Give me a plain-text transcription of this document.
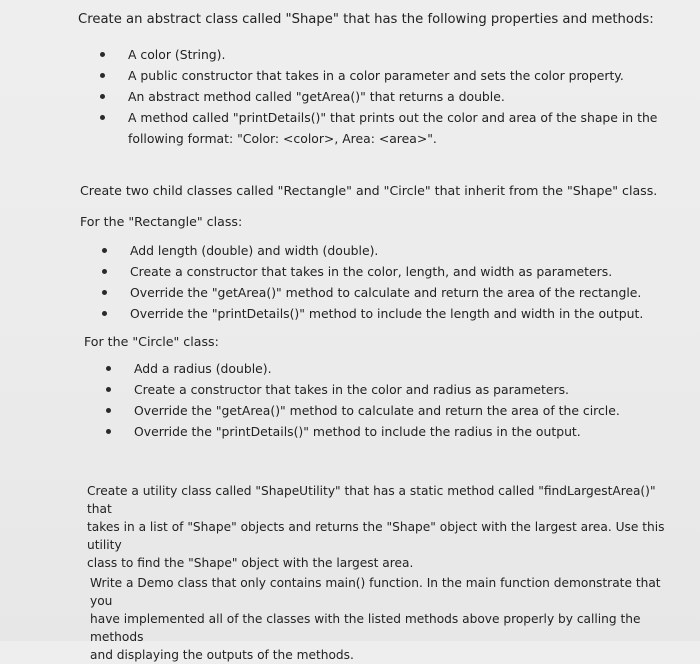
Create an abstract class called "Shape" that has the following properties and methods:

A color (String).
A public constructor that takes in a color parameter and sets the color property.
An abstract method called "getArea()" that returns a double.
A method called "printDetails()" that prints out the color and area of the shape in the
following format: "Color: <color>, Area: <area>".

Create two child classes called "Rectangle" and "Circle" that inherit from the "Shape" class.

For the "Rectangle" class:

Add length (double) and width (double).
Create a constructor that takes in the color, length, and width as parameters.
Override the "getArea()" method to calculate and return the area of the rectangle.
Override the "printDetails()" method to include the length and width in the output.

For the "Circle" class:

Add a radius (double).
Create a constructor that takes in the color and radius as parameters.
Override the "getArea()" method to calculate and return the area of the circle.
Override the "printDetails()" method to include the radius in the output.
Create a utility class called "ShapeUtility" that has a static method called "findLargestArea()" that
takes in a list of "Shape" objects and returns the "Shape" object with the largest area. Use this utility
class to find the "Shape" object with the largest area.
Write a Demo class that only contains main() function. In the main function demonstrate that you
have implemented all of the classes with the listed methods above properly by calling the methods
and displaying the outputs of the methods.
